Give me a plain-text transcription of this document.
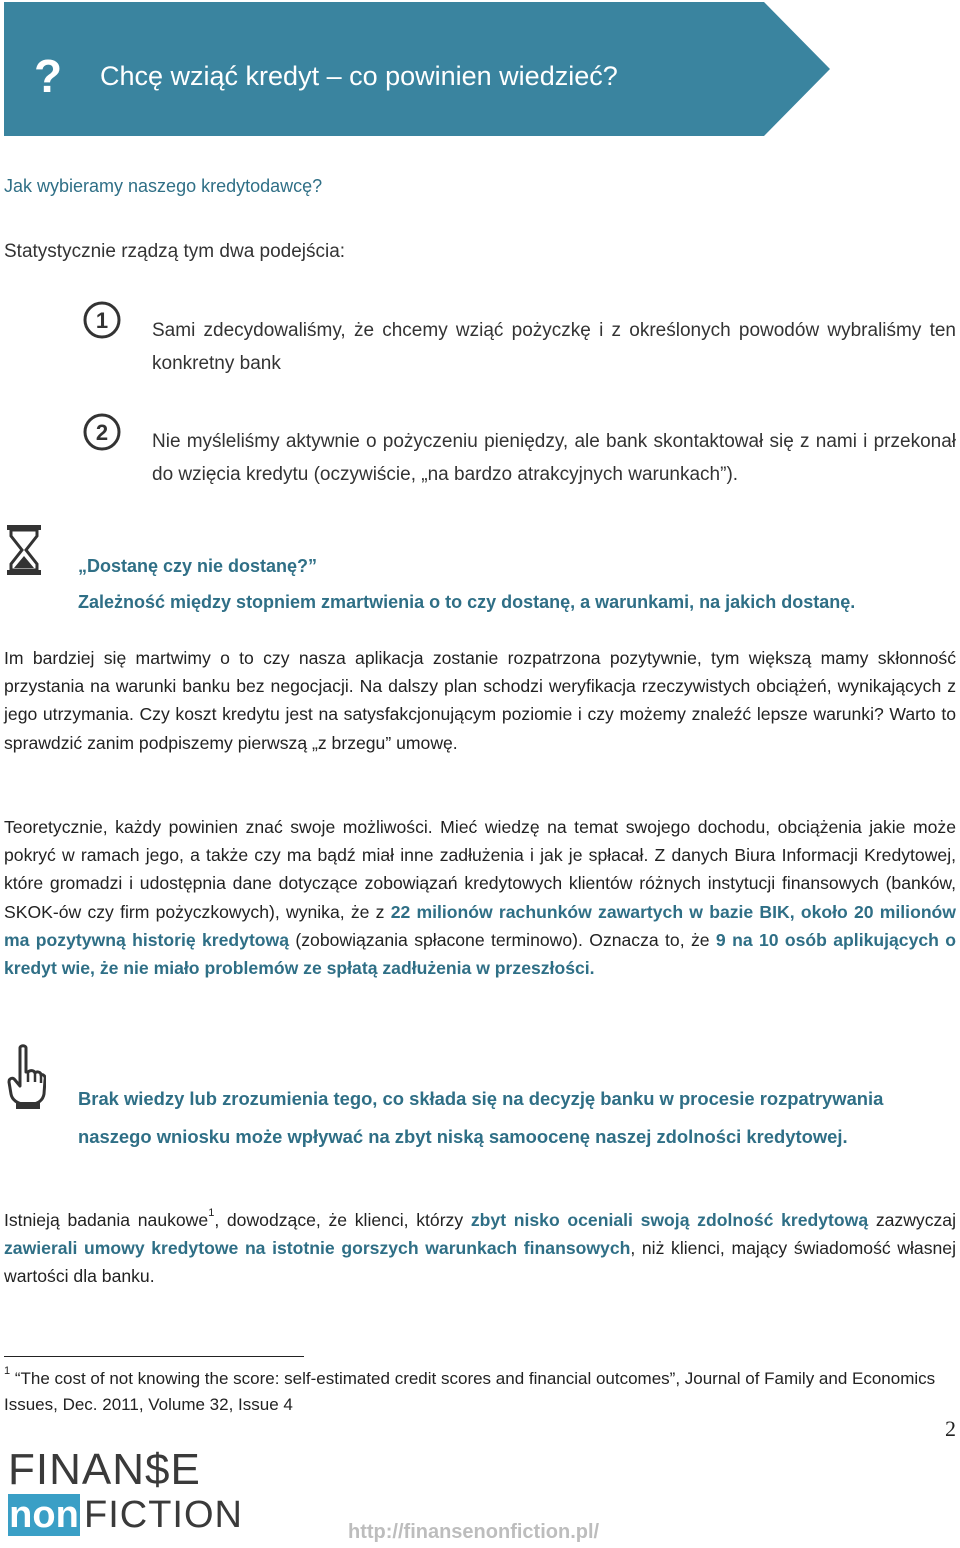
? Chcę wziąć kredyt – co powinien wiedzieć?
Jak wybieramy naszego kredytodawcę?
Statystycznie rządzą tym dwa podejścia:
1 Sami zdecydowaliśmy, że chcemy wziąć pożyczkę i z określonych powodów wybraliśmy ten konkretny bank
2 Nie myśleliśmy aktywnie o pożyczeniu pieniędzy, ale bank skontaktował się z nami i przekonał do wzięcia kredytu (oczywiście, „na bardzo atrakcyjnych warunkach”).
„Dostanę czy nie dostanę?”
Zależność między stopniem zmartwienia o to czy dostanę, a warunkami, na jakich dostanę.
Im bardziej się martwimy o to czy nasza aplikacja zostanie rozpatrzona pozytywnie, tym większą mamy skłonność przystania na warunki banku bez negocjacji. Na dalszy plan schodzi weryfikacja rzeczywistych obciążeń, wynikających z jego utrzymania. Czy koszt kredytu jest na satysfakcjonującym poziomie i czy możemy znaleźć lepsze warunki? Warto to sprawdzić zanim podpiszemy pierwszą „z brzegu” umowę.
Teoretycznie, każdy powinien znać swoje możliwości. Mieć wiedzę na temat swojego dochodu, obciążenia jakie może pokryć w ramach jego, a także czy ma bądź miał inne zadłużenia i jak je spłacał. Z danych Biura Informacji Kredytowej, które gromadzi i udostępnia dane dotyczące zobowiązań kredytowych klientów różnych instytucji finansowych (banków, SKOK-ów czy firm pożyczkowych), wynika, że z 22 milionów rachunków zawartych w bazie BIK, około 20 milionów ma pozytywną historię kredytową (zobowiązania spłacone terminowo). Oznacza to, że 9 na 10 osób aplikujących o kredyt wie, że nie miało problemów ze spłatą zadłużenia w przeszłości.
Brak wiedzy lub zrozumienia tego, co składa się na decyzję banku w procesie rozpatrywania naszego wniosku może wpływać na zbyt niską samoocenę naszej zdolności kredytowej.
Istnieją badania naukowe$^1$, dowodzące, że klienci, którzy zbyt nisko oceniali swoją zdolność kredytową zazwyczaj zawierali umowy kredytowe na istotnie gorszych warunkach finansowych, niż klienci, mający świadomość własnej wartości dla banku.
$^1$ “The cost of not knowing the score: self-estimated credit scores and financial outcomes”, Journal of Family and Economics Issues, Dec. 2011, Volume 32, Issue 4
2
FINAN$E
non FICTION	http://finansenonfiction.pl/
